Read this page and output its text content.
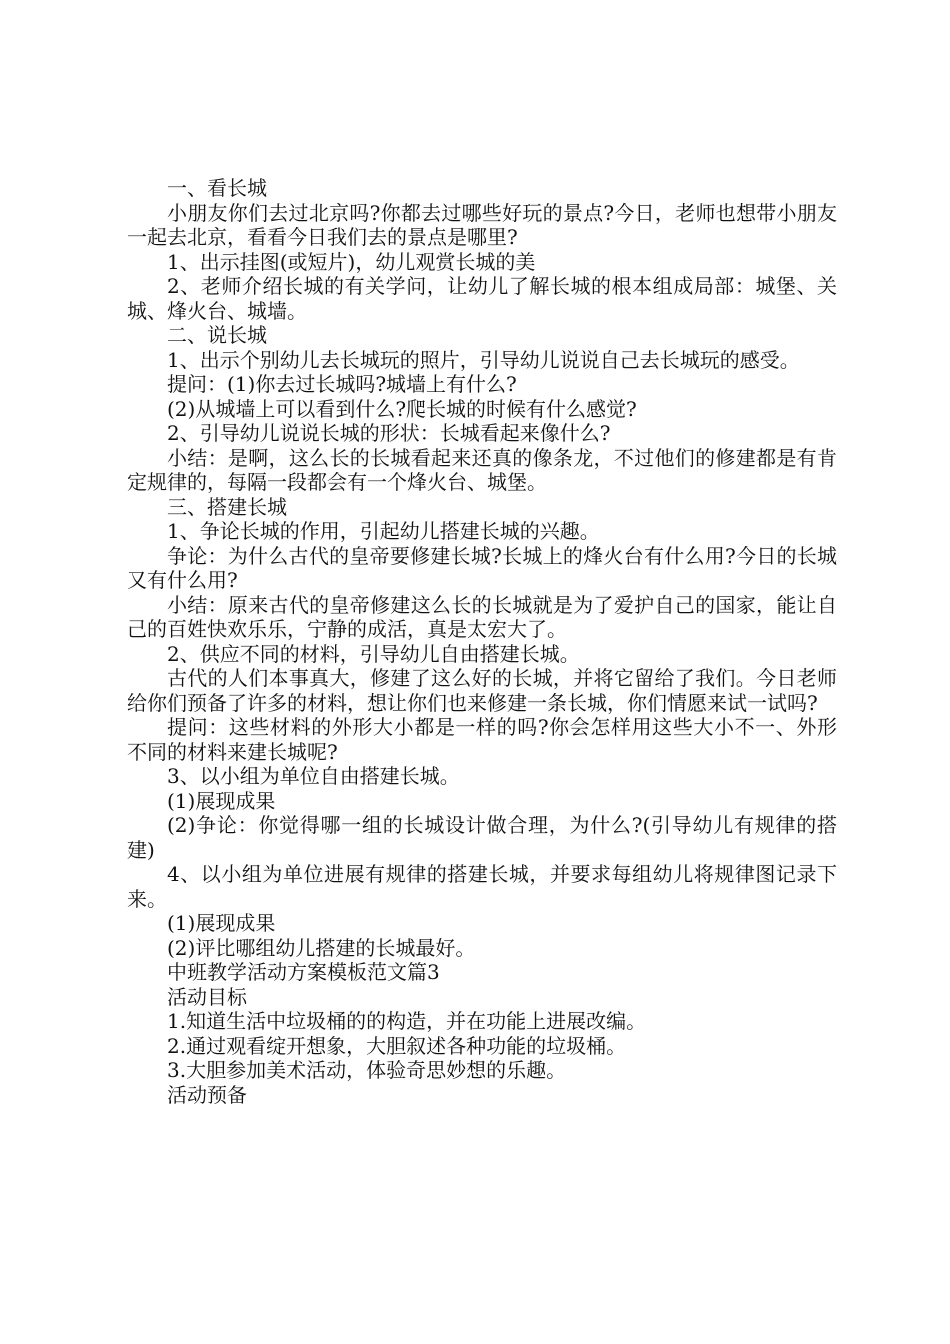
一、看长城

小朋友你们去过北京吗?你都去过哪些好玩的景点?今日，老师也想带小朋友一起去北京，看看今日我们去的景点是哪里?

1、出示挂图(或短片)，幼儿观赏长城的美

2、老师介绍长城的有关学问，让幼儿了解长城的根本组成局部：城堡、关城、烽火台、城墙。

二、说长城

1、出示个别幼儿去长城玩的照片，引导幼儿说说自己去长城玩的感受。

提问：(1)你去过长城吗?城墙上有什么?

(2)从城墙上可以看到什么?爬长城的时候有什么感觉?

2、引导幼儿说说长城的形状：长城看起来像什么?

小结：是啊，这么长的长城看起来还真的像条龙，不过他们的修建都是有肯定规律的，每隔一段都会有一个烽火台、城堡。

三、搭建长城

1、争论长城的作用，引起幼儿搭建长城的兴趣。

争论：为什么古代的皇帝要修建长城?长城上的烽火台有什么用?今日的长城又有什么用?

小结：原来古代的皇帝修建这么长的长城就是为了爱护自己的国家，能让自己的百姓快欢乐乐，宁静的成活，真是太宏大了。

2、供应不同的材料，引导幼儿自由搭建长城。

古代的人们本事真大，修建了这么好的长城，并将它留给了我们。今日老师给你们预备了许多的材料，想让你们也来修建一条长城，你们情愿来试一试吗?

提问：这些材料的外形大小都是一样的吗?你会怎样用这些大小不一、外形不同的材料来建长城呢?

3、以小组为单位自由搭建长城。

(1)展现成果

(2)争论：你觉得哪一组的长城设计做合理，为什么?(引导幼儿有规律的搭建)

4、以小组为单位进展有规律的搭建长城，并要求每组幼儿将规律图记录下来。

(1)展现成果

(2)评比哪组幼儿搭建的长城最好。

中班教学活动方案模板范文篇3

活动目标

1.知道生活中垃圾桶的的构造，并在功能上进展改编。

2.通过观看绽开想象，大胆叙述各种功能的垃圾桶。

3.大胆参加美术活动，体验奇思妙想的乐趣。

活动预备
